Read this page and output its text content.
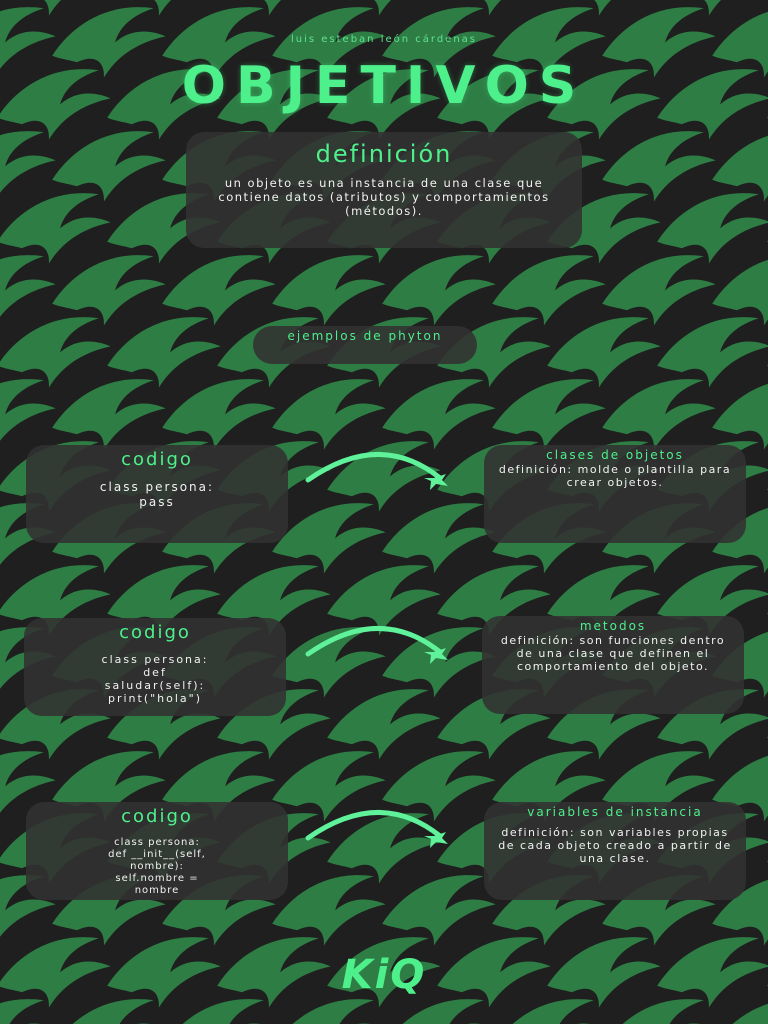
luis esteban león cárdenas
OBJETIVOS
definición
un objeto es una instancia de una clase que contiene datos (atributos) y comportamientos (métodos).
ejemplos de phyton
codigo
class persona:
pass
clases de objetos
definición: molde o plantilla para crear objetos.
codigo
class persona:
def
saludar(self):
print("hola")
metodos
definición: son funciones dentro de una clase que definen el comportamiento del objeto.
codigo
class persona:
def __init__(self,
nombre):
self.nombre =
nombre
variables de instancia
definición: son variables propias de cada objeto creado a partir de una clase.
KiQ
